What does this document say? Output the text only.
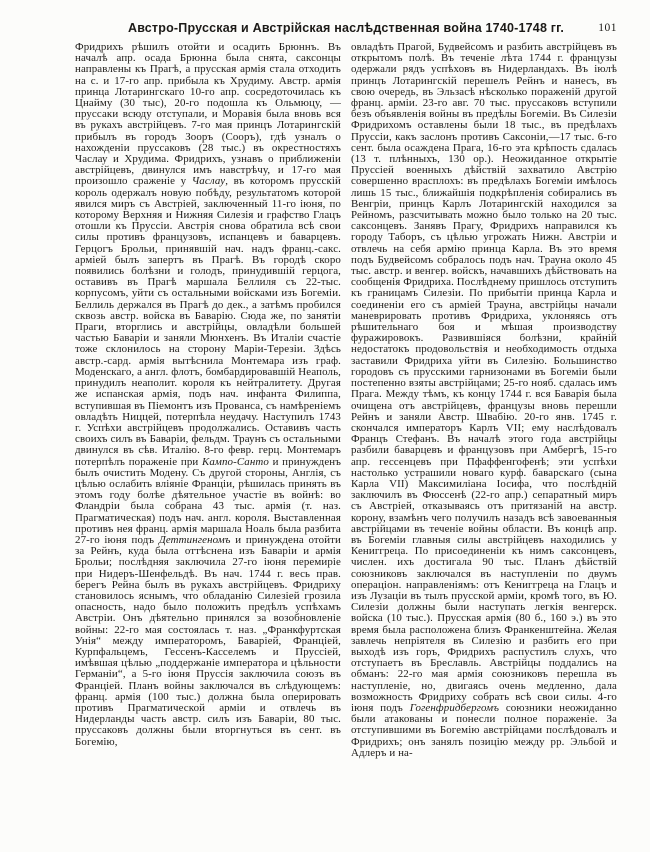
Австро-Прусская и Австрійская наслѣдственная война 1740-1748 гг.	101
Фридрихъ рѣшилъ отойти и осадить Брюннъ. Въ началѣ апр. осада Брюнна была снята, саксонцы направлены къ Прагѣ, а прусская армія стала отходить на с. и 17-го апр. прибыла къ Хрудиму. Австр. армія принца Лотарингскаго 10-го апр. сосредоточилась къ Цнайму (30 тыс), 20-го подошла къ Ольмюцу, — пруссаки всюду отступали, и Моравія была вновь вся въ рукахъ австрійцевъ. 7-го мая принцъ Лотарингскій прибылъ въ городъ Зооръ (Сооръ), гдѣ узналъ о нахожденіи пруссаковъ (28 тыс.) въ окрестностяхъ Часлау и Хрудима. Фридрихъ, узнавъ о приближеніи австрійцевъ, двинулся имъ навстрѣчу, и 17-го мая произошло сраженіе у Часлау, въ которомъ прусскій король одержалъ новую побѣду, результатомъ которой явился миръ съ Австріей, заключенный 11-го іюня, по которому Верхняя и Нижняя Силезія и графство Глацъ отошли къ Пруссіи. Австрія снова обратила всѣ свои силы противъ французовъ, испанцевъ и баварцевъ. Герцогъ Брольи, принявшій нач. надъ франц.-сакс. арміей былъ запертъ въ Прагѣ. Въ городѣ скоро появились болѣзни и голодъ, принудившій герцога, оставивъ въ Прагѣ маршала Беллиля съ 22-тыс. корпусомъ, уйти съ остальными войсками изъ Богеміи. Беллиль держался въ Прагѣ до дек., а затѣмъ пробился сквозь австр. войска въ Баварію. Сюда же, по занятіи Праги, вторглись и австрійцы, овладѣли большей частью Баваріи и заняли Мюнхенъ. Въ Италіи счастіе тоже склонилось на сторону Маріи-Терезіи. Здѣсь австр.-сард. армія вытѣснила Монтемара изъ граф. Моденскаго, а англ. флотъ, бомбардировавшій Неаполь, принудилъ неаполит. короля къ нейтралитету. Другая же испанская армія, подъ нач. инфанта Филиппа, вступившая въ Піемонтъ изъ Прованса, съ намѣреніемъ овладѣть Ниццей, потерпѣла неудачу. Наступилъ 1743 г. Успѣхи австрійцевъ продолжались. Оставивъ часть своихъ силъ въ Баваріи, фельдм. Траунъ съ остальными двинулся въ сѣв. Италію. 8-го февр. герц. Монтемаръ потерпѣлъ пораженіе при Кампо-Санто и принужденъ былъ очистить Модену. Съ другой стороны, Англія, съ цѣлью ослабить вліяніе Франціи, рѣшилась принять въ этомъ году болѣе дѣятельное участіе въ войнѣ: во Фландріи была собрана 43 тыс. армія (т. наз. Прагматическая) подъ нач. англ. короля. Выставленная противъ нея франц. армія маршала Ноаль была разбита 27-го іюня подъ Деттингеномъ и принуждена отойти за Рейнъ, куда была оттѣснена изъ Баваріи и армія Брольи; послѣдняя заключила 27-го іюня перемиріе при Нидеръ-Шенфельдѣ. Въ нач. 1744 г. весь прав. берегъ Рейна былъ въ рукахъ австрійцевъ. Фридриху становилось яснымъ, что обладанію Силезіей грозила опасность, надо было положить предѣлъ успѣхамъ Австріи. Онъ дѣятельно принялся за возобновленіе войны: 22-го мая состоялась т. наз. „Франкфуртская Унія“ между императоромъ, Баваріей, Франціей, Курпфальцемъ, Гессенъ-Касселемъ и Пруссіей, имѣвшая цѣлью „поддержаніе императора и цѣльности Германіи“, а 5-го іюня Пруссія заключила союзъ въ Франціей. Планъ войны заключался въ слѣдующемъ: франц. армія (100 тыс.) должна была оперировать противъ Прагматической арміи и отвлечь въ Нидерланды часть австр. силъ изъ Баваріи, 80 тыс. пруссаковъ должны были вторгнуться въ сент. въ Богемію,
овладѣть Прагой, Будвейсомъ и разбить австрійцевъ въ открытомъ полѣ. Въ теченіе лѣта 1744 г. французы одержали рядъ успѣховъ въ Нидерландахъ. Въ іюлѣ принцъ Лотарингскій перешелъ Рейнъ и нанесъ, въ свою очередь, въ Эльзасѣ нѣсколько пораженій другой франц. арміи. 23-го авг. 70 тыс. пруссаковъ вступили безъ объявленія войны въ предѣлы Богеміи. Въ Силезіи Фридрихомъ оставлены были 18 тыс., въ предѣлахъ Пруссіи, какъ заслонъ противъ Саксоніи,—17 тыс. 6-го сент. была осаждена Прага, 16-го эта крѣпость сдалась (13 т. плѣнныхъ, 130 ор.). Неожиданное открытіе Пруссіей военныхъ дѣйствій захватило Австрію совершенно врасплохъ: въ предѣлахъ Богеміи имѣлось лишь 15 тыс., ближайшія подкрѣпленія собирались въ Венгріи, принцъ Карлъ Лотарингскій находился за Рейномъ, разсчитывать можно было только на 20 тыс. саксонцевъ. Занявъ Прагу, Фридрихъ направился къ городу Таборъ, съ цѣлью угрожать Нижн. Австріи и отвлечь на себя армію принца Карла. Въ это время подъ Будвейсомъ собралось подъ нач. Трауна около 45 тыс. австр. и венгер. войскъ, начавшихъ дѣйствовать на сообщенія Фридриха. Послѣднему пришлось отступить къ границамъ Силезіи. По прибытіи принца Карла и соединеніи его съ арміей Трауна, австрійцы начали маневрировать противъ Фридриха, уклоняясь отъ рѣшительнаго боя и мѣшая производству фуражировокъ. Развившіяся болѣзни, крайній недостатокъ продовольствія и необходимость отдыха заставили Фридриха уйти въ Силезію. Большинство городовъ съ прусскими гарнизонами въ Богеміи были постепенно взяты австрійцами; 25-го нояб. сдалась имъ Прага. Между тѣмъ, къ концу 1744 г. вся Баварія была очищена отъ австрійцевъ, французы вновь перешли Рейнъ и заняли Австр. Швабію. 20-го янв. 1745 г. скончался императоръ Карлъ VII; ему наслѣдовалъ Францъ Стефанъ. Въ началѣ этого года австрійцы разбили баварцевъ и французовъ при Амбергѣ, 15-го апр. гессенцевъ при Пфаффенгофенѣ; эти успѣхи настолько устрашили новаго курф. баварскаго (сына Карла VII) Максимиліана Іосифа, что послѣдній заключилъ въ Фюссенѣ (22-го апр.) сепаратный миръ съ Австріей, отказываясь отъ притязаній на австр. корону, взамѣнъ чего получилъ назадъ всѣ завоеванныя австрійцами въ теченіе войны области. Въ концѣ апр. въ Богеміи главныя силы австрійцевъ находились у Кениггреца. По присоединеніи къ нимъ саксонцевъ, числен. ихъ достигала 90 тыс. Планъ дѣйствій союзниковъ заключался въ наступленіи по двумъ операціон. направленіямъ: отъ Кениггреца на Глацъ и изъ Лузаціи въ тылъ прусской арміи, кромѣ того, въ Ю. Силезіи должны были наступать легкія венгерск. войска (10 тыс.). Прусская армія (80 б., 160 э.) въ это время была расположена близъ Франкенштейна. Желая завлечь непріятеля въ Силезію и разбить его при выходѣ изъ горъ, Фридрихъ распустилъ слухъ, что отступаетъ въ Бреславль. Австрійцы поддались на обманъ: 22-го мая армія союзниковъ перешла въ наступленіе, но, двигаясь очень медленно, дала возможность Фридриху собрать всѣ свои силы. 4-го іюня подъ Гогенфридбергомъ союзники неожиданно были атакованы и понесли полное пораженіе. За отступившими въ Богемію австрійцами послѣдовалъ и Фридрихъ; онъ занялъ позицію между рр. Эльбой и Адлеръ и на-
